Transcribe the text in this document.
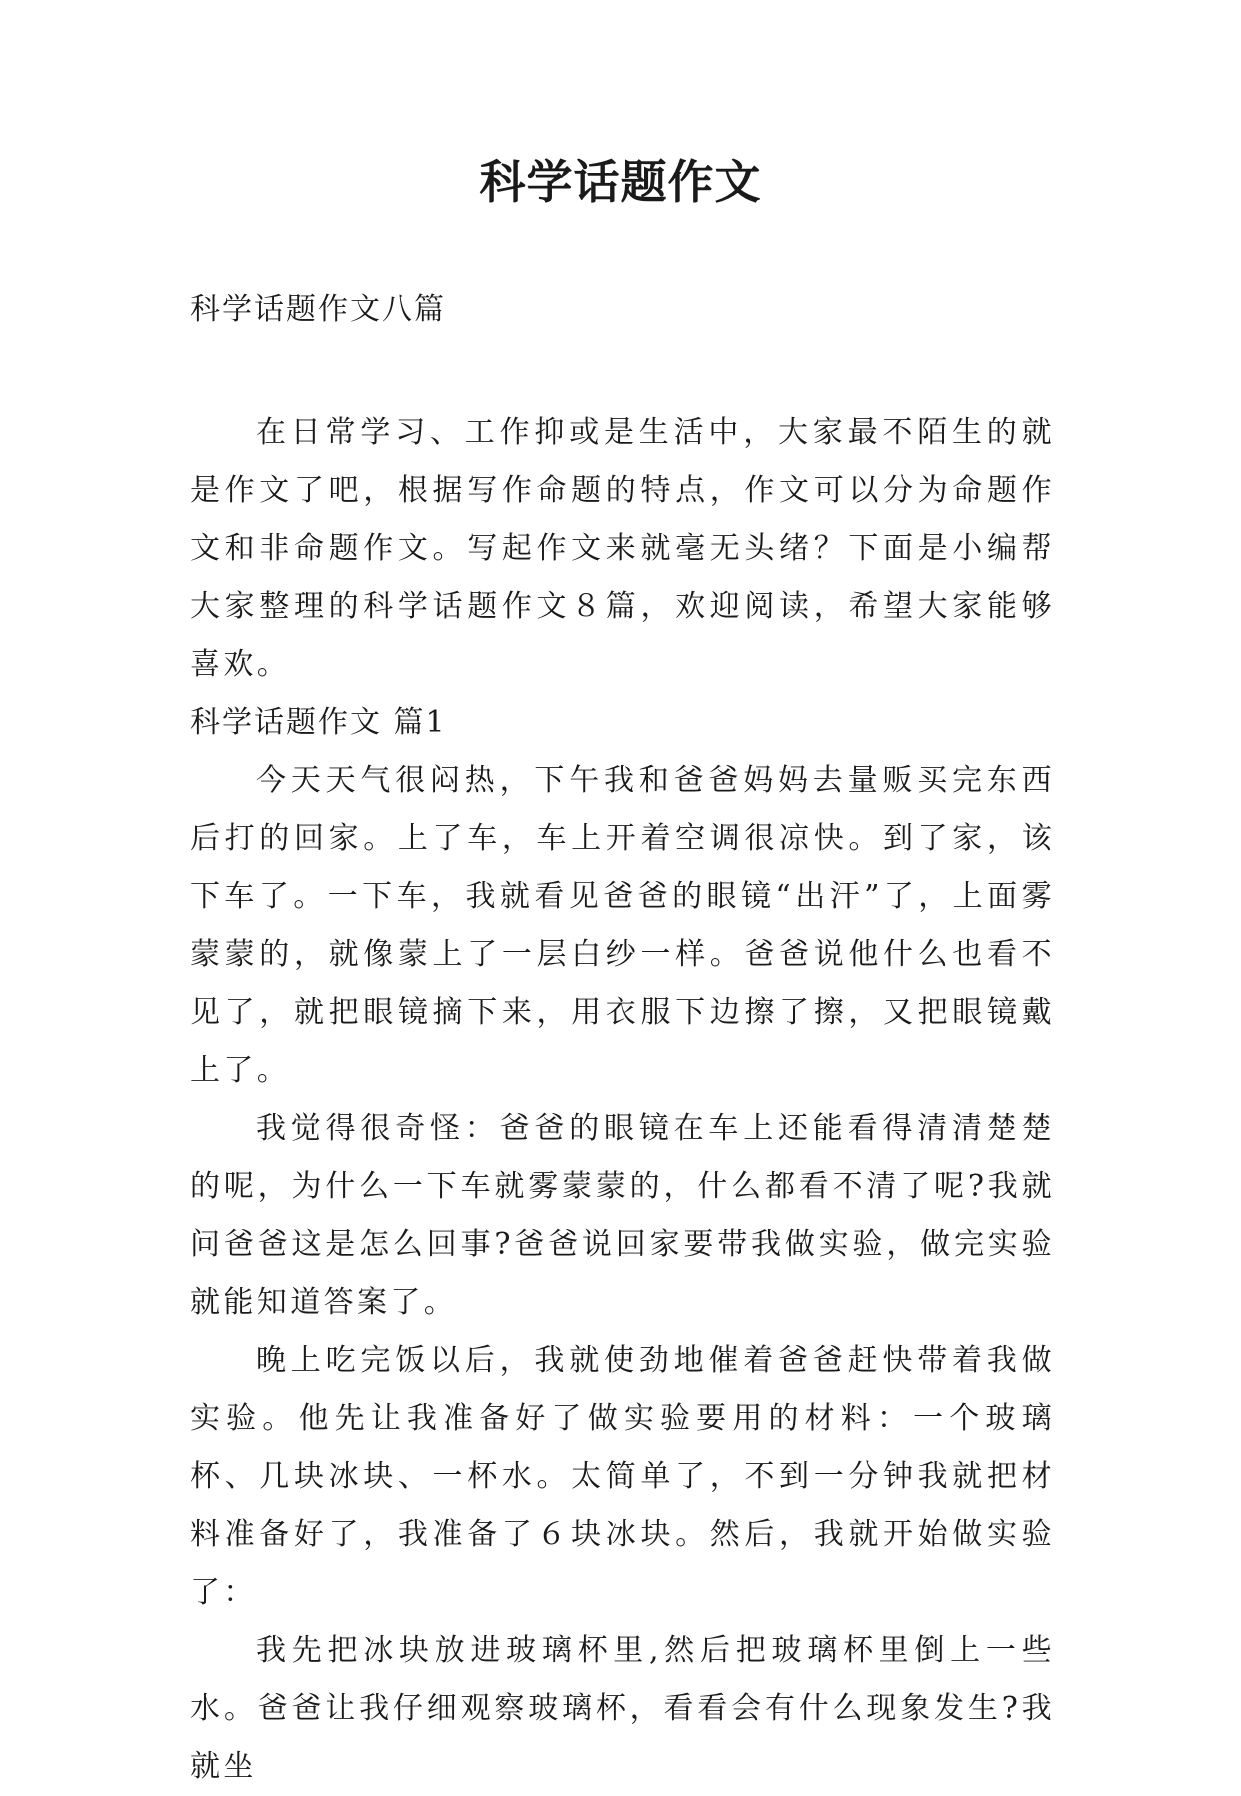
科学话题作文

科学话题作文八篇

在日常学习、工作抑或是生活中，大家最不陌生的就是作文了吧，根据写作命题的特点，作文可以分为命题作文和非命题作文。写起作文来就毫无头绪？下面是小编帮大家整理的科学话题作文８篇，欢迎阅读，希望大家能够喜欢。

科学话题作文 篇1

今天天气很闷热，下午我和爸爸妈妈去量贩买完东西后打的回家。上了车，车上开着空调很凉快。到了家，该下车了。一下车，我就看见爸爸的眼镜“出汗”了，上面雾蒙蒙的，就像蒙上了一层白纱一样。爸爸说他什么也看不见了，就把眼镜摘下来，用衣服下边擦了擦，又把眼镜戴上了。

我觉得很奇怪：爸爸的眼镜在车上还能看得清清楚楚的呢，为什么一下车就雾蒙蒙的，什么都看不清了呢?我就问爸爸这是怎么回事?爸爸说回家要带我做实验，做完实验就能知道答案了。

晚上吃完饭以后，我就使劲地催着爸爸赶快带着我做实验。他先让我准备好了做实验要用的材料：一个玻璃杯、几块冰块、一杯水。太简单了，不到一分钟我就把材料准备好了，我准备了６块冰块。然后，我就开始做实验了：

我先把冰块放进玻璃杯里,然后把玻璃杯里倒上一些水。爸爸让我仔细观察玻璃杯，看看会有什么现象发生?我就坐
